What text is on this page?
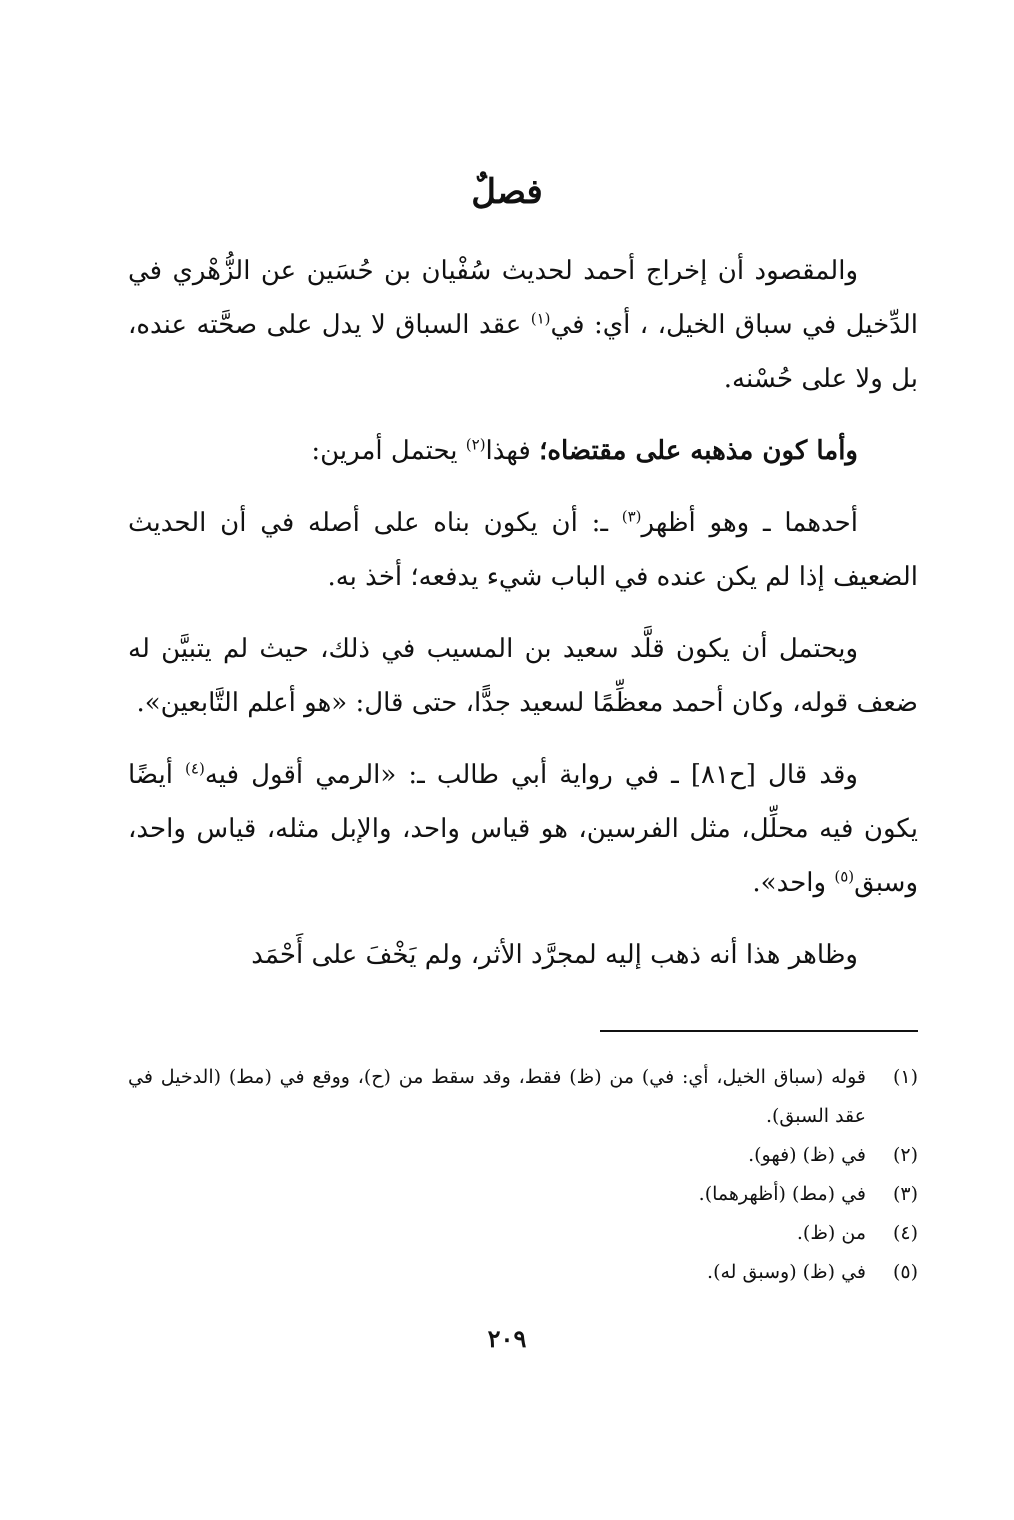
فصلٌ

والمقصود أن إخراج أحمد لحديث سُفْيان بن حُسَين عن الزُّهْري في الدِّخيل في سباق الخيل، ، أي: في$^{(١)}$ عقد السباق لا يدل على صحَّته عنده، بل ولا على حُسْنه.

وأما كون مذهبه على مقتضاه؛ فهذا$^{(٢)}$ يحتمل أمرين:

أحدهما ـ وهو أظهر$^{(٣)}$ ـ: أن يكون بناه على أصله في أن الحديث الضعيف إذا لم يكن عنده في الباب شيء يدفعه؛ أخذ به.

ويحتمل أن يكون قلَّد سعيد بن المسيب في ذلك، حيث لم يتبيَّن له ضعف قوله، وكان أحمد معظِّمًا لسعيد جدًّا، حتى قال: «هو أعلم التَّابعين».

وقد قال [ح٨١] ـ في رواية أبي طالب ـ: «الرمي أقول فيه$^{(٤)}$ أيضًا يكون فيه محلِّل، مثل الفرسين، هو قياس واحد، والإبل مثله، قياس واحد، وسبق$^{(٥)}$ واحد».

وظاهر هذا أنه ذهب إليه لمجرَّد الأثر، ولم يَخْفَ على أَحْمَد

(١)
قوله (سباق الخيل، أي: في) من (ظ) فقط، وقد سقط من (ح)، ووقع في (مط) (الدخيل في عقد السبق).
(٢)
في (ظ) (فهو).
(٣)
في (مط) (أظهرهما).
(٤)
من (ظ).
(٥)
في (ظ) (وسبق له).
٢٠٩
